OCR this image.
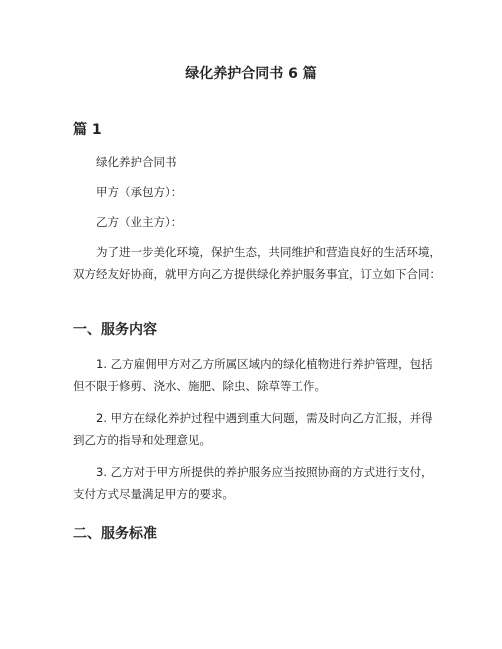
绿化养护合同书 6 篇
篇 1
绿化养护合同书
甲方（承包方）：
乙方（业主方）：
为了进一步美化环境，保护生态，共同维护和营造良好的生活环境，双方经友好协商，就甲方向乙方提供绿化养护服务事宜，订立如下合同：
一、服务内容
1. 乙方雇佣甲方对乙方所属区域内的绿化植物进行养护管理，包括但不限于修剪、浇水、施肥、除虫、除草等工作。
2. 甲方在绿化养护过程中遇到重大问题，需及时向乙方汇报，并得到乙方的指导和处理意见。
3. 乙方对于甲方所提供的养护服务应当按照协商的方式进行支付，支付方式尽量满足甲方的要求。
二、服务标准
